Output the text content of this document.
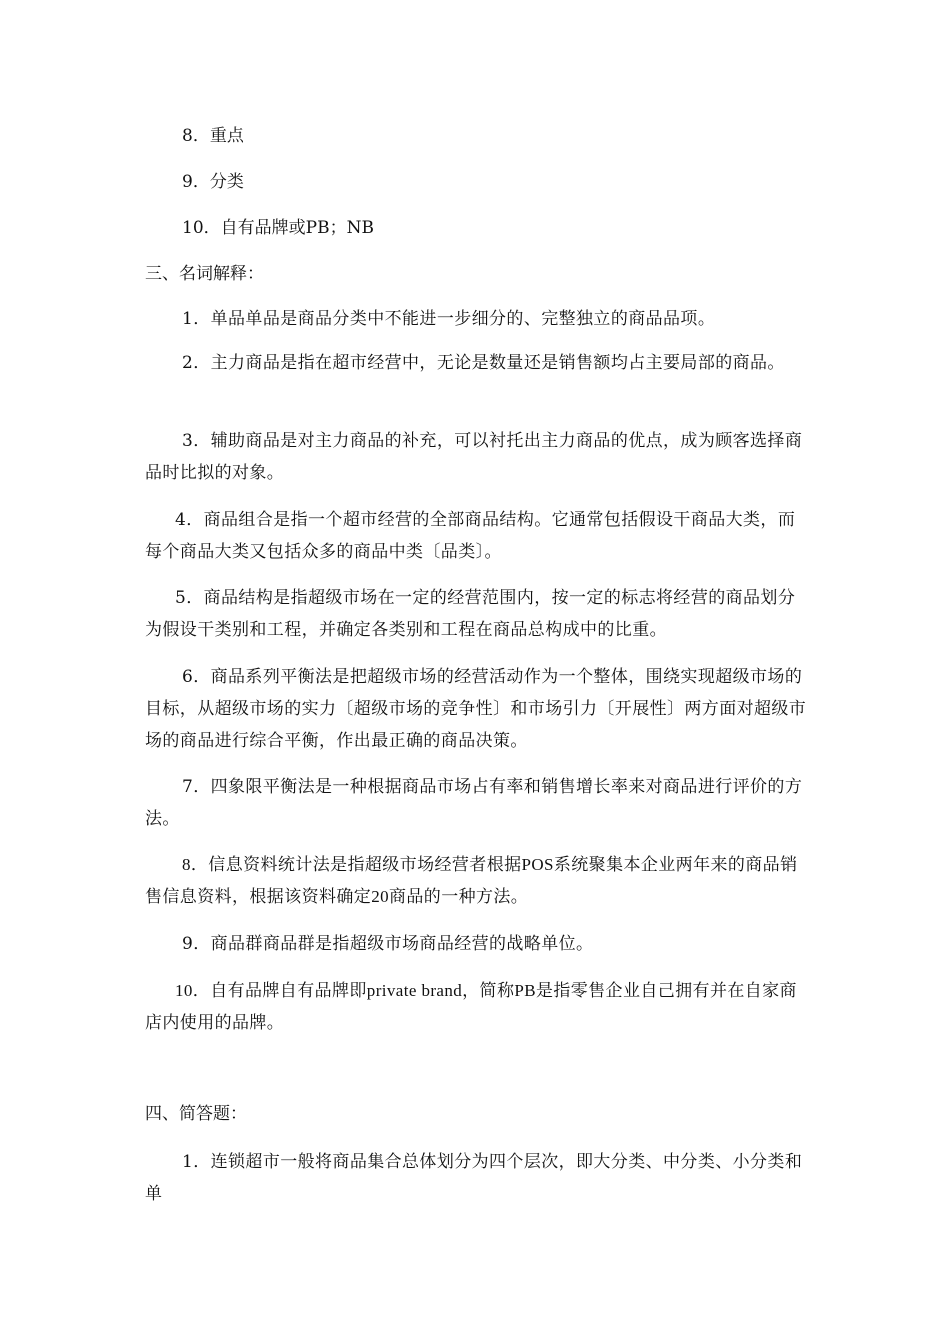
8．重点
9．分类
10．自有品牌或PB；NB
三、名词解释：
1．单品单品是商品分类中不能进一步细分的、完整独立的商品品项。
2．主力商品是指在超市经营中，无论是数量还是销售额均占主要局部的商品。
3．辅助商品是对主力商品的补充，可以衬托出主力商品的优点，成为顾客选择商品时比拟的对象。
4．商品组合是指一个超市经营的全部商品结构。它通常包括假设干商品大类，而每个商品大类又包括众多的商品中类〔品类〕。
5．商品结构是指超级市场在一定的经营范围内，按一定的标志将经营的商品划分为假设干类别和工程，并确定各类别和工程在商品总构成中的比重。
6．商品系列平衡法是把超级市场的经营活动作为一个整体，围绕实现超级市场的目标，从超级市场的实力〔超级市场的竞争性〕和市场引力〔开展性〕两方面对超级市场的商品进行综合平衡，作出最正确的商品决策。
7．四象限平衡法是一种根据商品市场占有率和销售增长率来对商品进行评价的方法。
8．信息资料统计法是指超级市场经营者根据POS系统聚集本企业两年来的商品销售信息资料，根据该资料确定20商品的一种方法。
9．商品群商品群是指超级市场商品经营的战略单位。
10．自有品牌自有品牌即private brand，简称PB是指零售企业自己拥有并在自家商店内使用的品牌。
四、简答题：
1．连锁超市一般将商品集合总体划分为四个层次，即大分类、中分类、小分类和单
